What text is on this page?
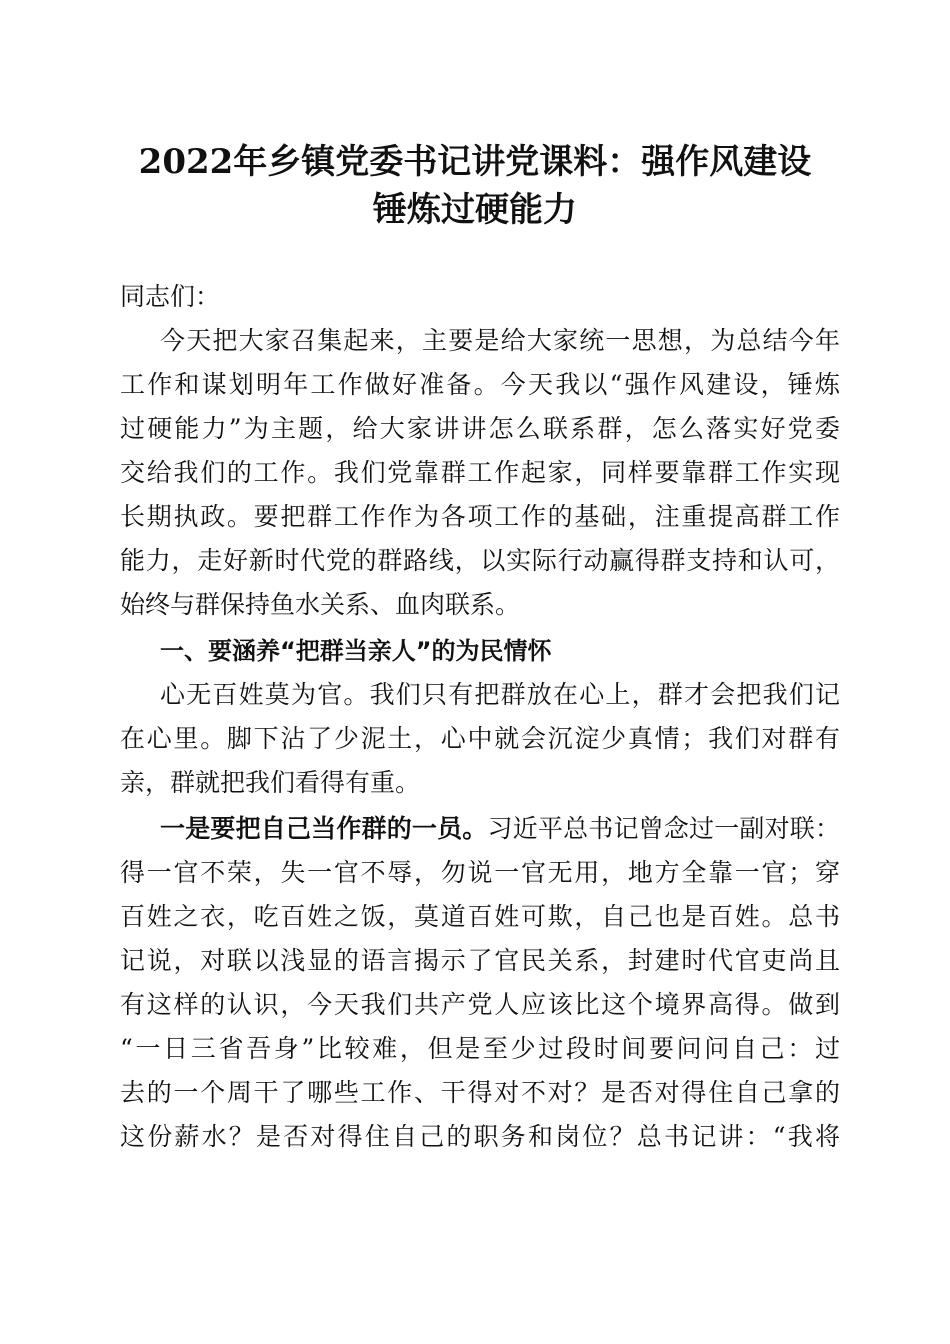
2022年乡镇党委书记讲党课料：强作风建设
锤炼过硬能力

同志们：

今天把大家召集起来，主要是给大家统一思想，为总结今年

工作和谋划明年工作做好准备。今天我以“强作风建设，锤炼

过硬能力”为主题，给大家讲讲怎么联系群，怎么落实好党委

交给我们的工作。我们党靠群工作起家，同样要靠群工作实现

长期执政。要把群工作作为各项工作的基础，注重提高群工作

能力，走好新时代党的群路线，以实际行动赢得群支持和认可，

始终与群保持鱼水关系、血肉联系。

一、要涵养“把群当亲人”的为民情怀

心无百姓莫为官。我们只有把群放在心上，群才会把我们记

在心里。脚下沾了少泥土，心中就会沉淀少真情；我们对群有

亲，群就把我们看得有重。

一是要把自己当作群的一员。习近平总书记曾念过一副对联：

得一官不荣，失一官不辱，勿说一官无用，地方全靠一官；穿

百姓之衣，吃百姓之饭，莫道百姓可欺，自己也是百姓。总书

记说，对联以浅显的语言揭示了官民关系，封建时代官吏尚且

有这样的认识，今天我们共产党人应该比这个境界高得。做到

“一日三省吾身”比较难，但是至少过段时间要问问自己：过

去的一个周干了哪些工作、干得对不对？是否对得住自己拿的

这份薪水？是否对得住自己的职务和岗位？总书记讲：“我将
